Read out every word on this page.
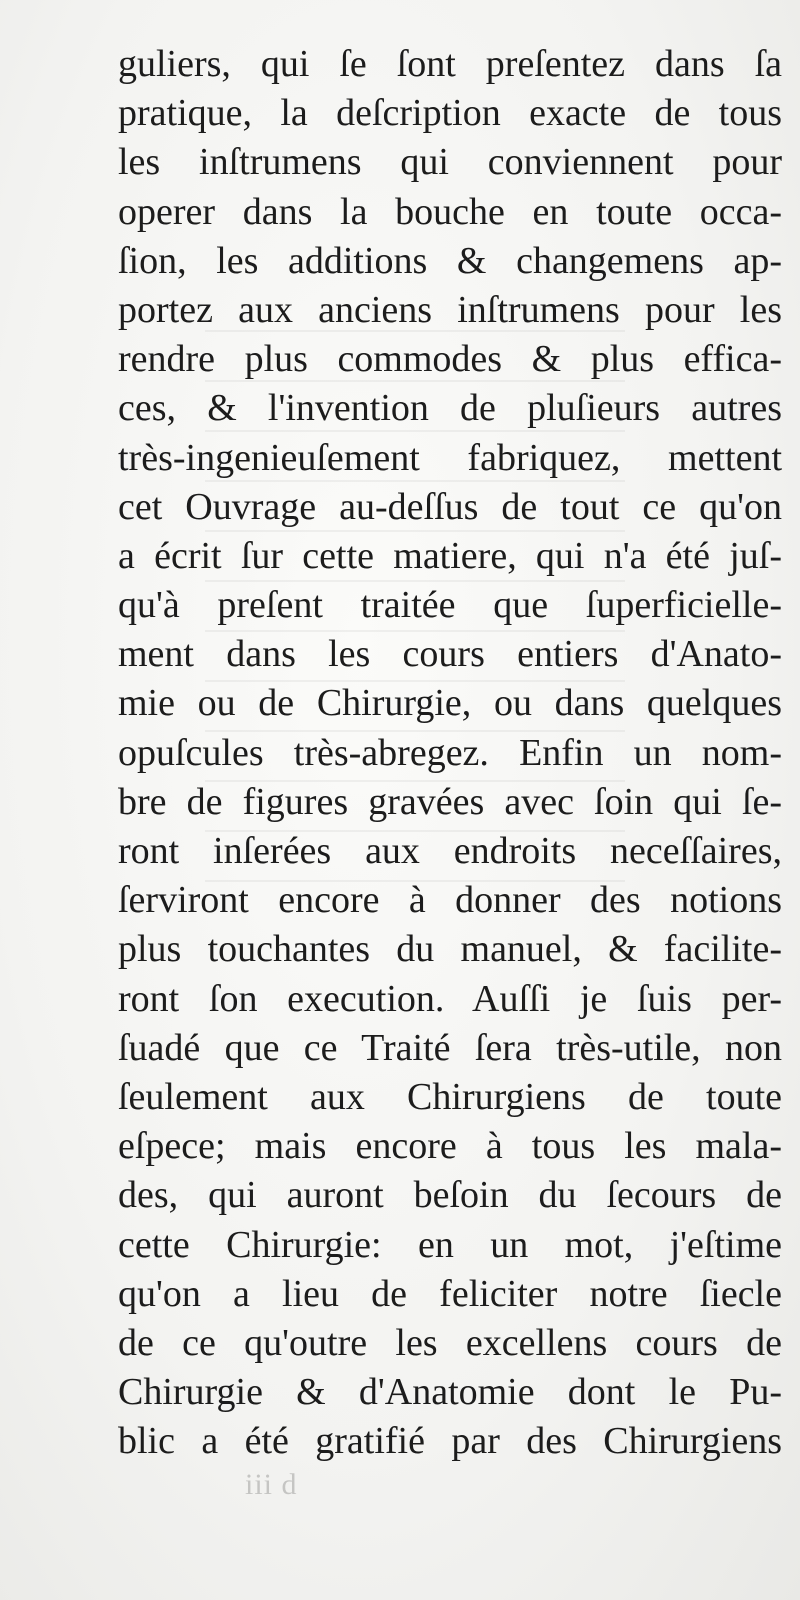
guliers, qui ſe ſont preſentez dans ſa
pratique, la deſcription exacte de tous
les inſtrumens qui conviennent pour
operer dans la bouche en toute occa-
ſion, les additions & changemens ap-
portez aux anciens inſtrumens pour les
rendre plus commodes & plus effica-
ces, & l'invention de pluſieurs autres
très-ingenieuſement fabriquez, mettent
cet Ouvrage au-deſſus de tout ce qu'on
a écrit ſur cette matiere, qui n'a été juſ-
qu'à preſent traitée que ſuperficielle-
ment dans les cours entiers d'Anato-
mie ou de Chirurgie, ou dans quelques
opuſcules très-abregez. Enfin un nom-
bre de figures gravées avec ſoin qui ſe-
ront inſerées aux endroits neceſſaires,
ſerviront encore à donner des notions
plus touchantes du manuel, & facilite-
ront ſon execution. Auſſi je ſuis per-
ſuadé que ce Traité ſera très-utile, non
ſeulement aux Chirurgiens de toute
eſpece; mais encore à tous les mala-
des, qui auront beſoin du ſecours de
cette Chirurgie: en un mot, j'eſtime
qu'on a lieu de feliciter notre ſiecle
de ce qu'outre les excellens cours de
Chirurgie & d'Anatomie dont le Pu-
blic a été gratifié par des Chirurgiens
iii d
